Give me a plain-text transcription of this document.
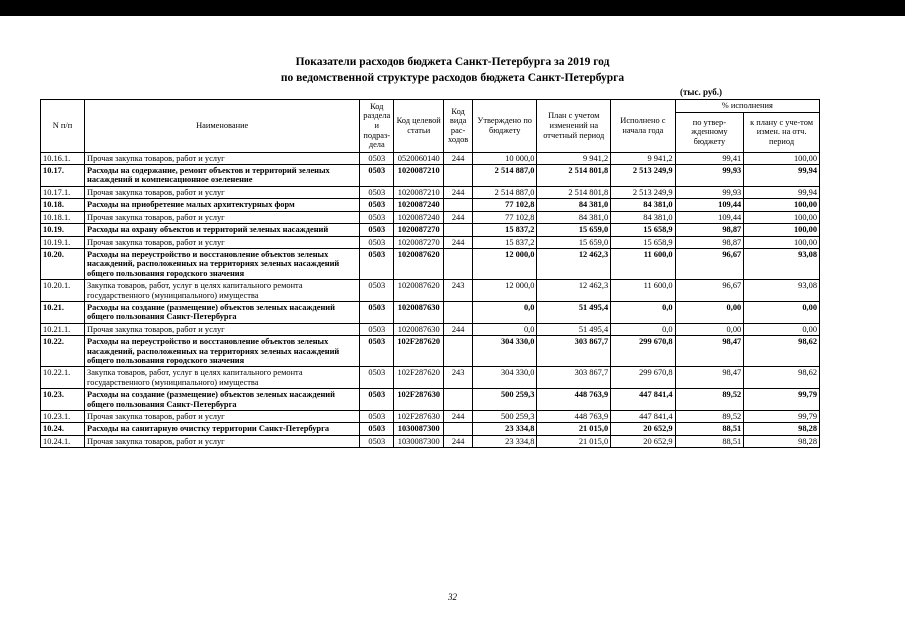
Показатели расходов бюджета Санкт-Петербурга за 2019 год
по ведомственной структуре расходов бюджета Санкт-Петербурга
(тыс. руб.)
N п/п	Наименование	Код раздела и подраз-дела	Код целевой статьи	Код вида рас-ходов	Утверждено по бюджету	План с учетом изменений на отчетный период	Исполнено с начала года	% исполнения	
								по утвер-жденному бюджету	к плану с уче-том измен. на отч. период
10.16.1.	Прочая закупка товаров, работ и услуг	0503	0520060140	244	10 000,0	9 941,2	9 941,2	99,41	100,00
10.17.	Расходы на содержание, ремонт объектов и территорий зеленых насаждений и компенсационное озеленение	0503	1020087210		2 514 887,0	2 514 801,8	2 513 249,9	99,93	99,94
10.17.1.	Прочая закупка товаров, работ и услуг	0503	1020087210	244	2 514 887,0	2 514 801,8	2 513 249,9	99,93	99,94
10.18.	Расходы на приобретение малых архитектурных форм	0503	1020087240		77 102,8	84 381,0	84 381,0	109,44	100,00
10.18.1.	Прочая закупка товаров, работ и услуг	0503	1020087240	244	77 102,8	84 381,0	84 381,0	109,44	100,00
10.19.	Расходы на охрану объектов и территорий зеленых насаждений	0503	1020087270		15 837,2	15 659,0	15 658,9	98,87	100,00
10.19.1.	Прочая закупка товаров, работ и услуг	0503	1020087270	244	15 837,2	15 659,0	15 658,9	98,87	100,00
10.20.	Расходы на переустройство и восстановление объектов зеленых насаждений, расположенных на территориях зеленых насаждений общего пользования городского значения	0503	1020087620		12 000,0	12 462,3	11 600,0	96,67	93,08
10.20.1.	Закупка товаров, работ, услуг в целях капитального ремонта государственного (муниципального) имущества	0503	1020087620	243	12 000,0	12 462,3	11 600,0	96,67	93,08
10.21.	Расходы на создание (размещение) объектов зеленых насаждений общего пользования Санкт-Петербурга	0503	1020087630		0,0	51 495,4	0,0	0,00	0,00
10.21.1.	Прочая закупка товаров, работ и услуг	0503	1020087630	244	0,0	51 495,4	0,0	0,00	0,00
10.22.	Расходы на переустройство и восстановление объектов зеленых насаждений, расположенных на территориях зеленых насаждений общего пользования городского значения	0503	102F287620		304 330,0	303 867,7	299 670,8	98,47	98,62
10.22.1.	Закупка товаров, работ, услуг в целях капитального ремонта государственного (муниципального) имущества	0503	102F287620	243	304 330,0	303 867,7	299 670,8	98,47	98,62
10.23.	Расходы на создание (размещение) объектов зеленых насаждений общего пользования Санкт-Петербурга	0503	102F287630		500 259,3	448 763,9	447 841,4	89,52	99,79
10.23.1.	Прочая закупка товаров, работ и услуг	0503	102F287630	244	500 259,3	448 763,9	447 841,4	89,52	99,79
10.24.	Расходы на санитарную очистку территории Санкт-Петербурга	0503	1030087300		23 334,8	21 015,0	20 652,9	88,51	98,28
10.24.1.	Прочая закупка товаров, работ и услуг	0503	1030087300	244	23 334,8	21 015,0	20 652,9	88,51	98,28
32
